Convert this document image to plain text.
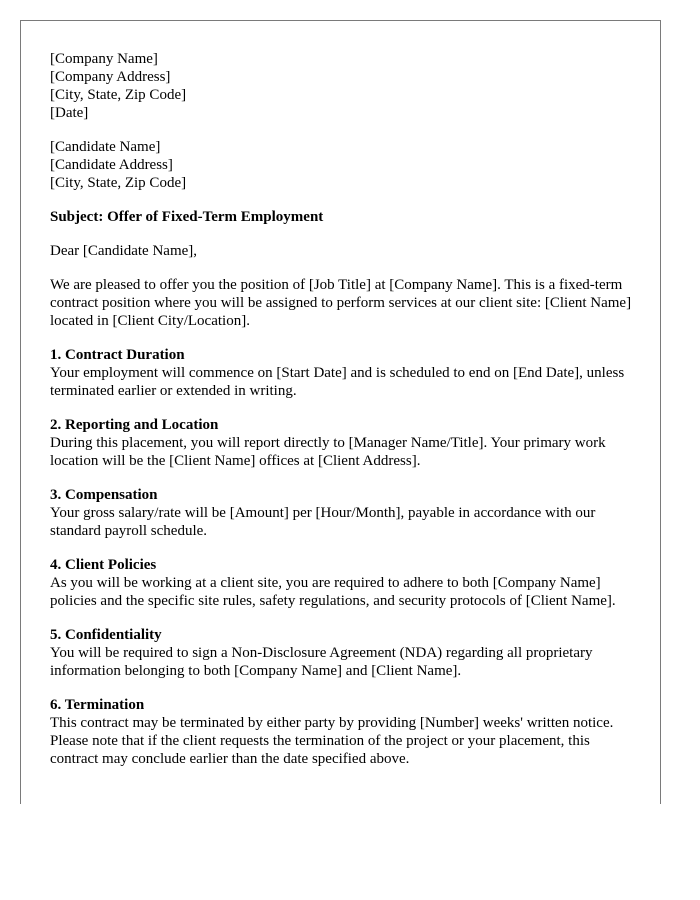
[Company Name]
[Company Address]
[City, State, Zip Code]
[Date]
[Candidate Name]
[Candidate Address]
[City, State, Zip Code]
Subject: Offer of Fixed-Term Employment
Dear [Candidate Name],
We are pleased to offer you the position of [Job Title] at [Company Name]. This is a fixed-term contract position where you will be assigned to perform services at our client site: [Client Name] located in [Client City/Location].
1. Contract Duration
Your employment will commence on [Start Date] and is scheduled to end on [End Date], unless terminated earlier or extended in writing.
2. Reporting and Location
During this placement, you will report directly to [Manager Name/Title]. Your primary work location will be the [Client Name] offices at [Client Address].
3. Compensation
Your gross salary/rate will be [Amount] per [Hour/Month], payable in accordance with our standard payroll schedule.
4. Client Policies
As you will be working at a client site, you are required to adhere to both [Company Name] policies and the specific site rules, safety regulations, and security protocols of [Client Name].
5. Confidentiality
You will be required to sign a Non-Disclosure Agreement (NDA) regarding all proprietary information belonging to both [Company Name] and [Client Name].
6. Termination
This contract may be terminated by either party by providing [Number] weeks' written notice. Please note that if the client requests the termination of the project or your placement, this contract may conclude earlier than the date specified above.
